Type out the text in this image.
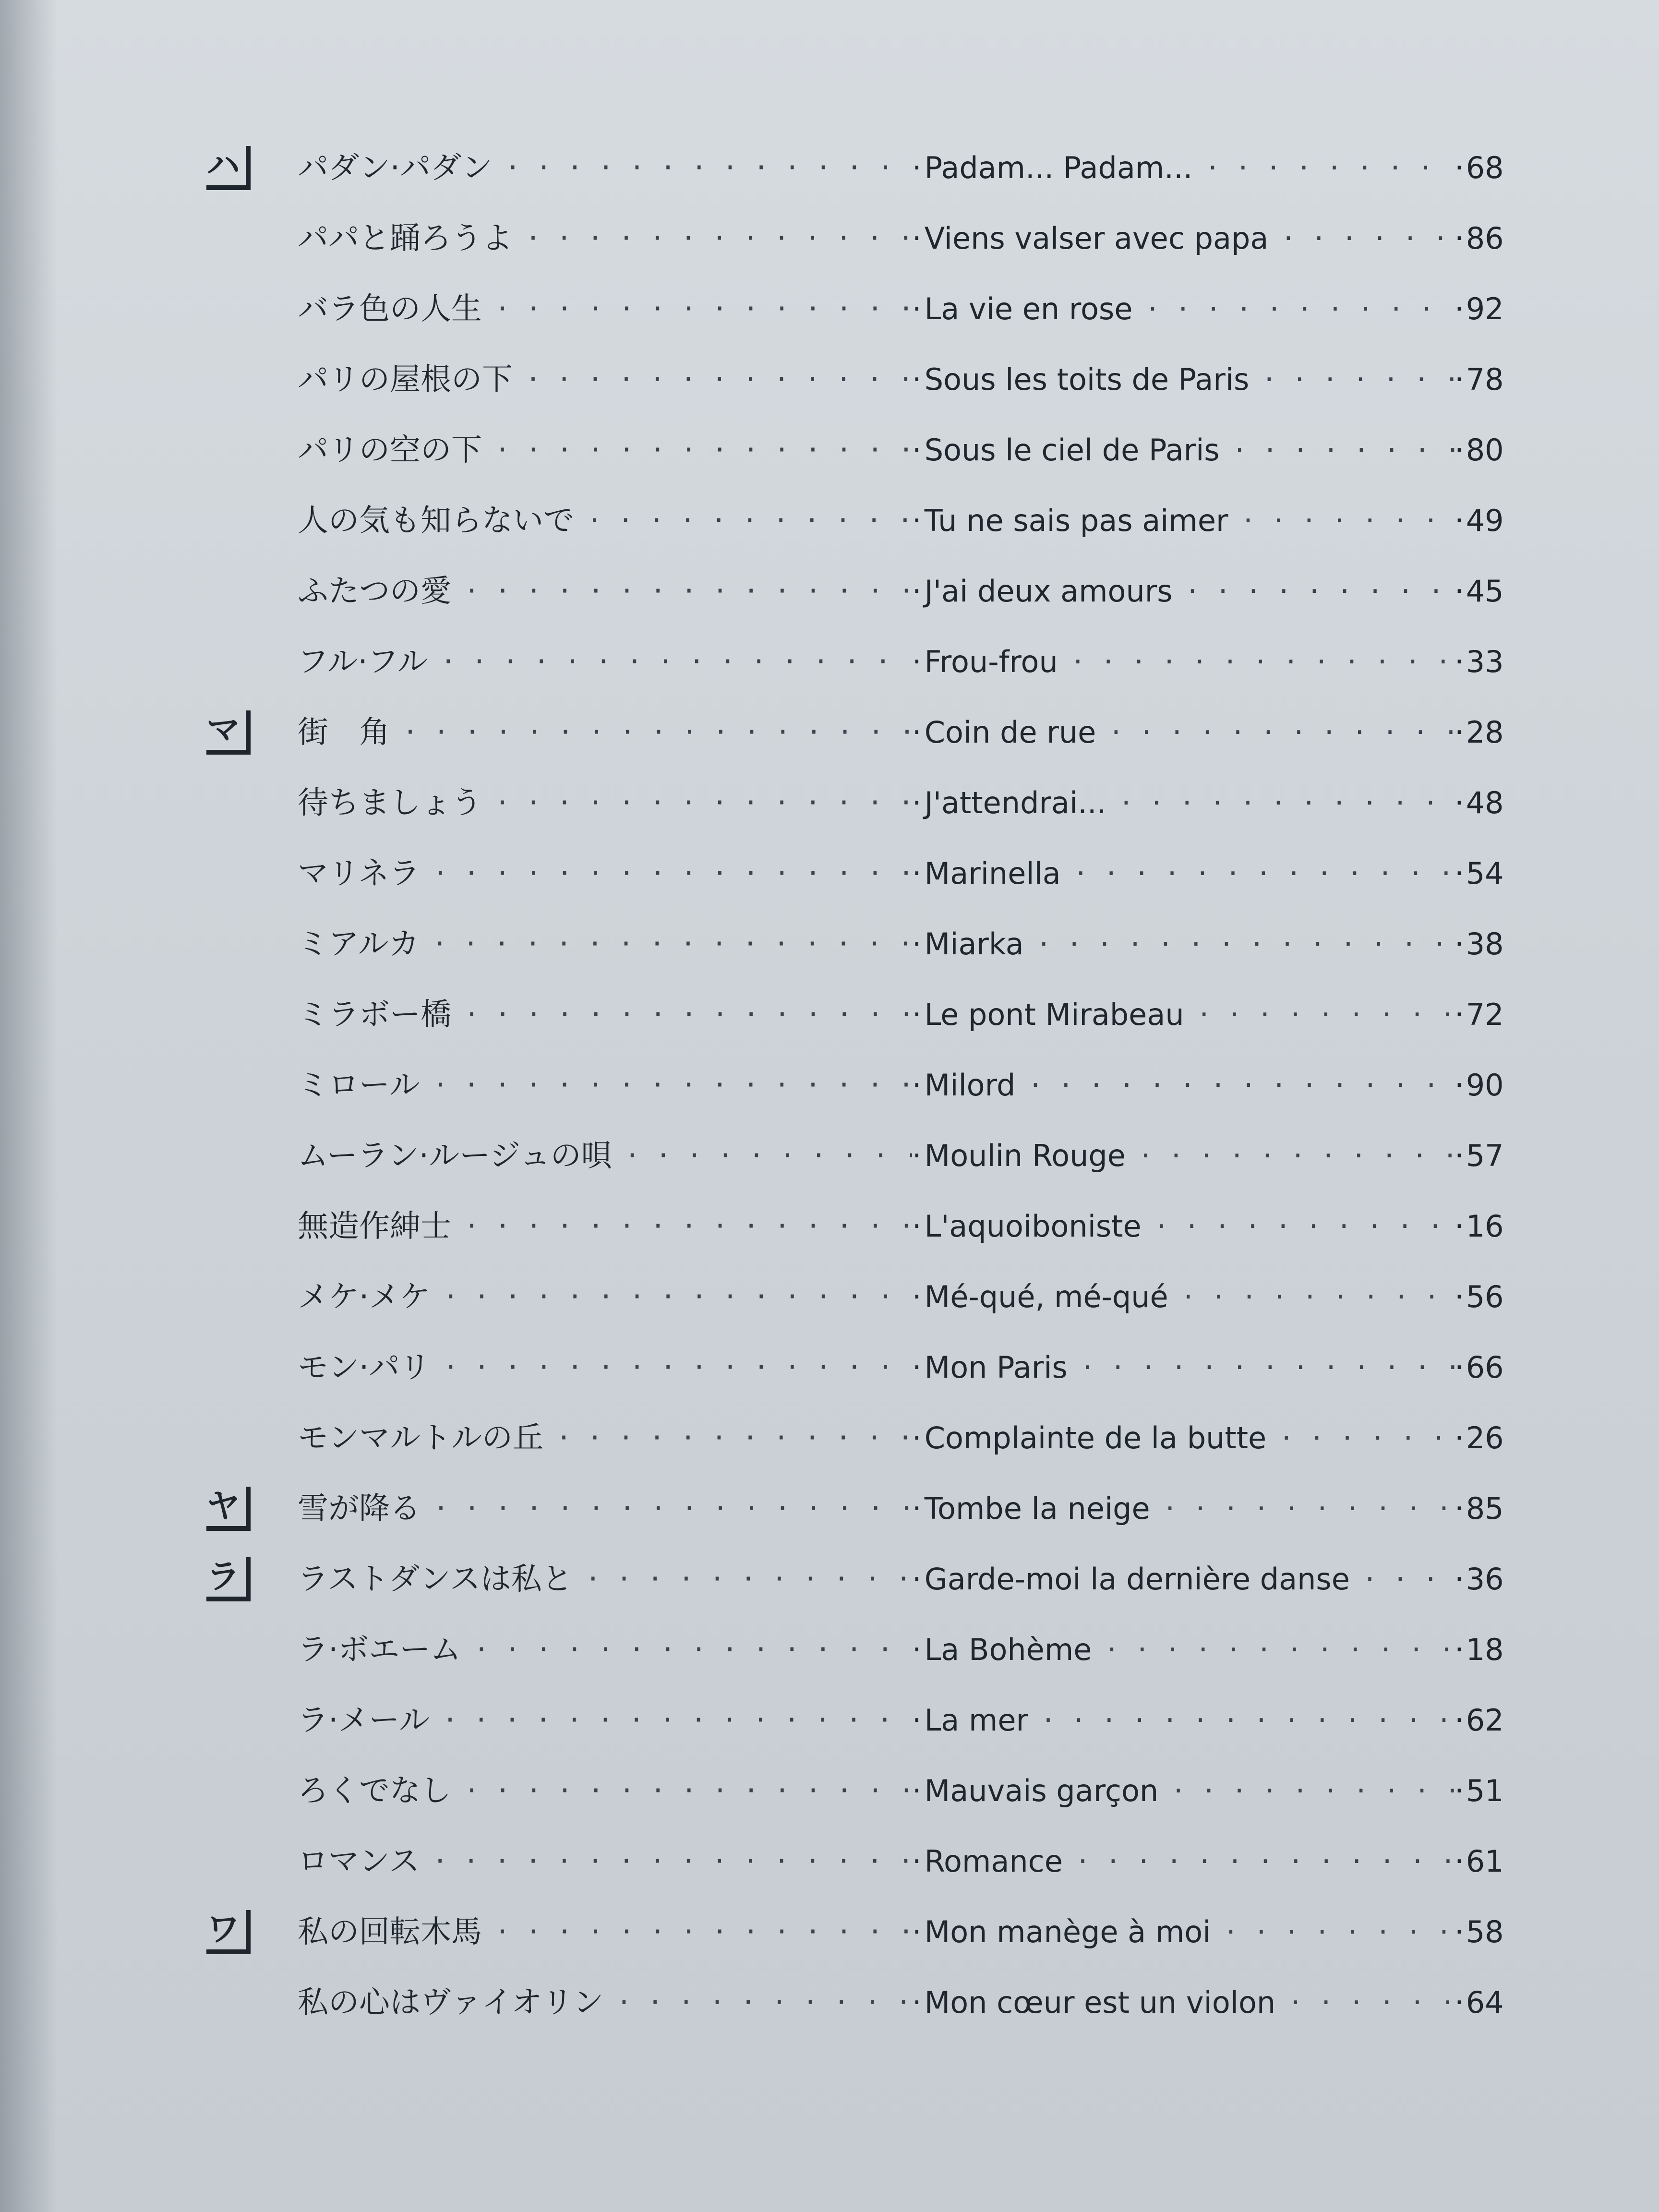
ハ	パダン·パダン · · ·	· Padam... Padam... · · ·	· 68
パパと踊ろうよ · · ·	· Viens valser avec papa · · ·	· 86
バラ色の人生 · · ·	· La vie en rose · · ·	· 92
パリの屋根の下 · · ·	· Sous les toits de Paris · · ·	· 78
パリの空の下 · · ·	· Sous le ciel de Paris · · ·	· 80
人の気も知らないで · · ·	· Tu ne sais pas aimer · · ·	· 49
ふたつの愛 · · ·	· J'ai deux amours · · ·	· 45
フル·フル · · ·	· Frou-frou · · ·	· 33
マ	街　角 · · ·	· Coin de rue · · ·	· 28
待ちましょう · · ·	· J'attendrai... · · ·	· 48
マリネラ · · ·	· Marinella · · ·	· 54
ミアルカ · · ·	· Miarka · · ·	· 38
ミラボー橋 · · ·	· Le pont Mirabeau · · ·	· 72
ミロール · · ·	· Milord · · ·	· 90
ムーラン·ルージュの唄 · · ·	· Moulin Rouge · · ·	· 57
無造作紳士 · · ·	· L'aquoiboniste · · ·	· 16
メケ·メケ · · ·	· Mé-qué, mé-qué · · ·	· 56
モン·パリ · · ·	· Mon Paris · · ·	· 66
モンマルトルの丘 · · ·	· Complainte de la butte · · ·	· 26
ヤ	雪が降る · · ·	· Tombe la neige · · ·	· 85
ラ	ラストダンスは私と · · ·	· Garde-moi la dernière danse · · ·	· 36
ラ·ボエーム · · ·	· La Bohème · · ·	· 18
ラ·メール · · ·	· La mer · · ·	· 62
ろくでなし · · ·	· Mauvais garçon · · ·	· 51
ロマンス · · ·	· Romance · · ·	· 61
ワ	私の回転木馬 · · ·	· Mon manège à moi · · ·	· 58
私の心はヴァイオリン · · ·	· Mon cœur est un violon · · ·	· 64
